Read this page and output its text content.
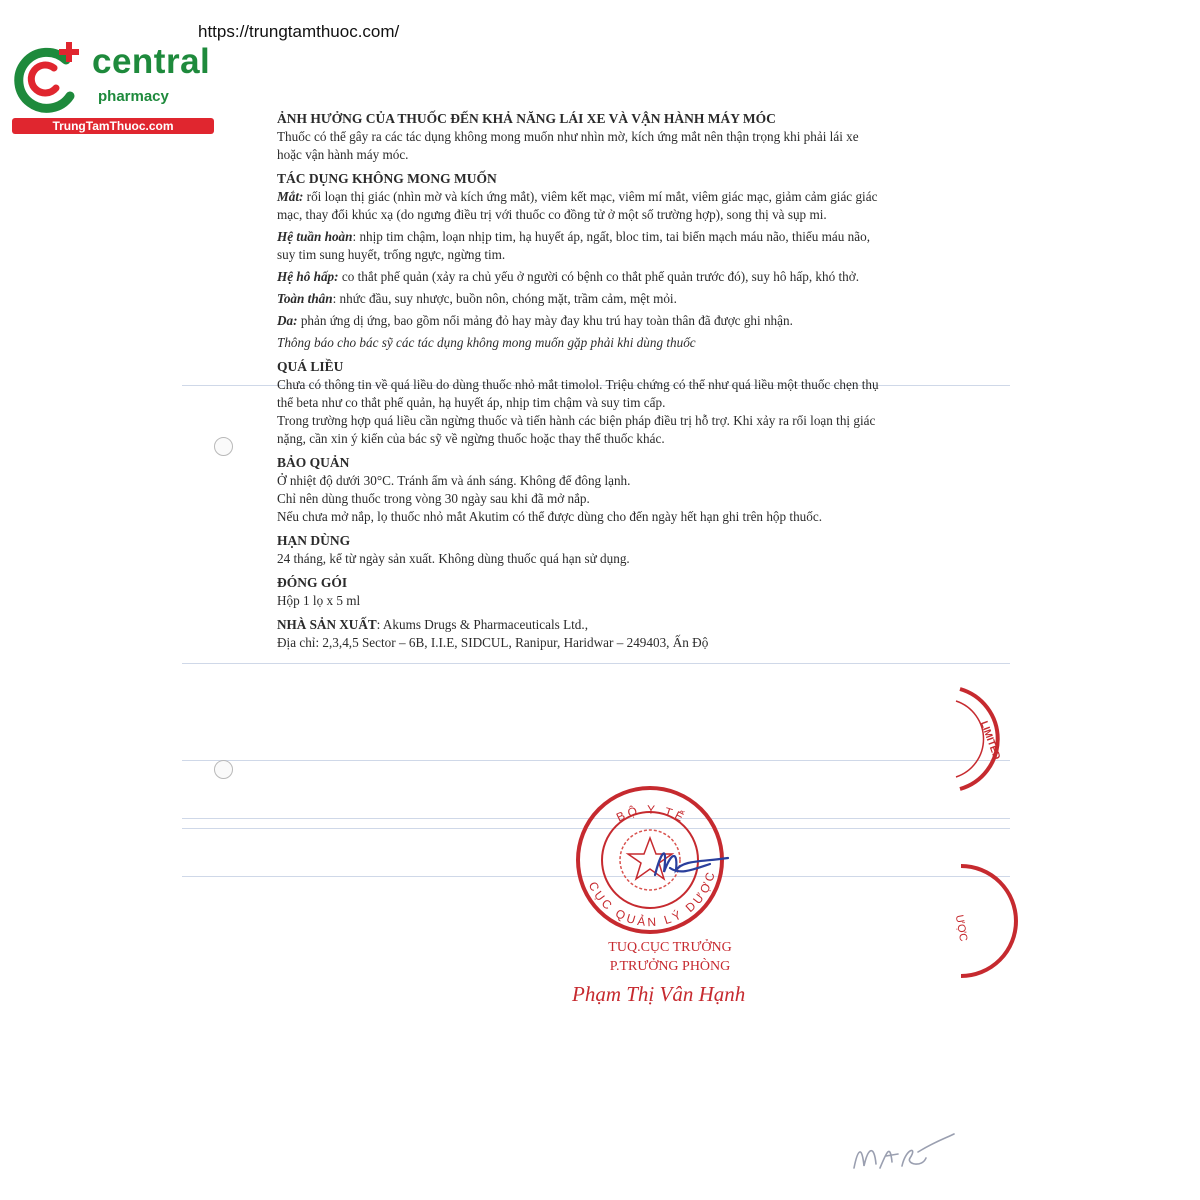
https://trungtamthuoc.com/
central
pharmacy
TrungTamThuoc.com	ẢNH HƯỞNG CỦA THUỐC ĐẾN KHẢ NĂNG LÁI XE VÀ VẬN HÀNH MÁY MÓC

Thuốc có thể gây ra các tác dụng không mong muốn như nhìn mờ, kích ứng mắt nên thận trọng khi phải lái xe

hoặc vận hành máy móc.

TÁC DỤNG KHÔNG MONG MUỐN

Mắt: rối loạn thị giác (nhìn mờ và kích ứng mắt), viêm kết mạc, viêm mí mắt, viêm giác mạc, giảm cảm giác giác

mạc, thay đổi khúc xạ (do ngưng điều trị với thuốc co đồng tử ở một số trường hợp), song thị và sụp mi.

Hệ tuần hoàn: nhịp tim chậm, loạn nhịp tim, hạ huyết áp, ngất, bloc tim, tai biến mạch máu não, thiếu máu não,

suy tim sung huyết, trống ngực, ngừng tim.

Hệ hô hấp: co thắt phế quản (xảy ra chủ yếu ở người có bệnh co thắt phế quản trước đó), suy hô hấp, khó thở.

Toàn thân: nhức đầu, suy nhược, buồn nôn, chóng mặt, trầm cảm, mệt mỏi.

Da: phản ứng dị ứng, bao gồm nổi mảng đỏ hay mày đay khu trú hay toàn thân đã được ghi nhận.

Thông báo cho bác sỹ các tác dụng không mong muốn gặp phải khi dùng thuốc

QUÁ LIỀU

Chưa có thông tin về quá liều do dùng thuốc nhỏ mắt timolol. Triệu chứng có thể như quá liều một thuốc chẹn thụ

thể beta như co thắt phế quản, hạ huyết áp, nhịp tim chậm và suy tim cấp.

Trong trường hợp quá liều cần ngừng thuốc và tiến hành các biện pháp điều trị hỗ trợ. Khi xảy ra rối loạn thị giác

nặng, cần xin ý kiến của bác sỹ về ngừng thuốc hoặc thay thế thuốc khác.

BẢO QUẢN

Ở nhiệt độ dưới 30°C. Tránh ẩm và ánh sáng. Không để đông lạnh.

Chỉ nên dùng thuốc trong vòng 30 ngày sau khi đã mở nắp.

Nếu chưa mở nắp, lọ thuốc nhỏ mắt Akutim có thể được dùng cho đến ngày hết hạn ghi trên hộp thuốc.

HẠN DÙNG

24 tháng, kể từ ngày sản xuất. Không dùng thuốc quá hạn sử dụng.

ĐÓNG GÓI

Hộp 1 lọ x 5 ml

NHÀ SẢN XUẤT: Akums Drugs & Pharmaceuticals Ltd.,

Địa chỉ: 2,3,4,5 Sector – 6B, I.I.E, SIDCUL, Ranipur, Haridwar – 249403, Ấn Độ

BỘ Y TẾ
CỤC QUẢN LÝ DƯỢC
TUQ.CỤC TRƯỞNG
P.TRƯỞNG PHÒNG
Phạm Thị Vân Hạnh
LIMITED
ƯỢC
